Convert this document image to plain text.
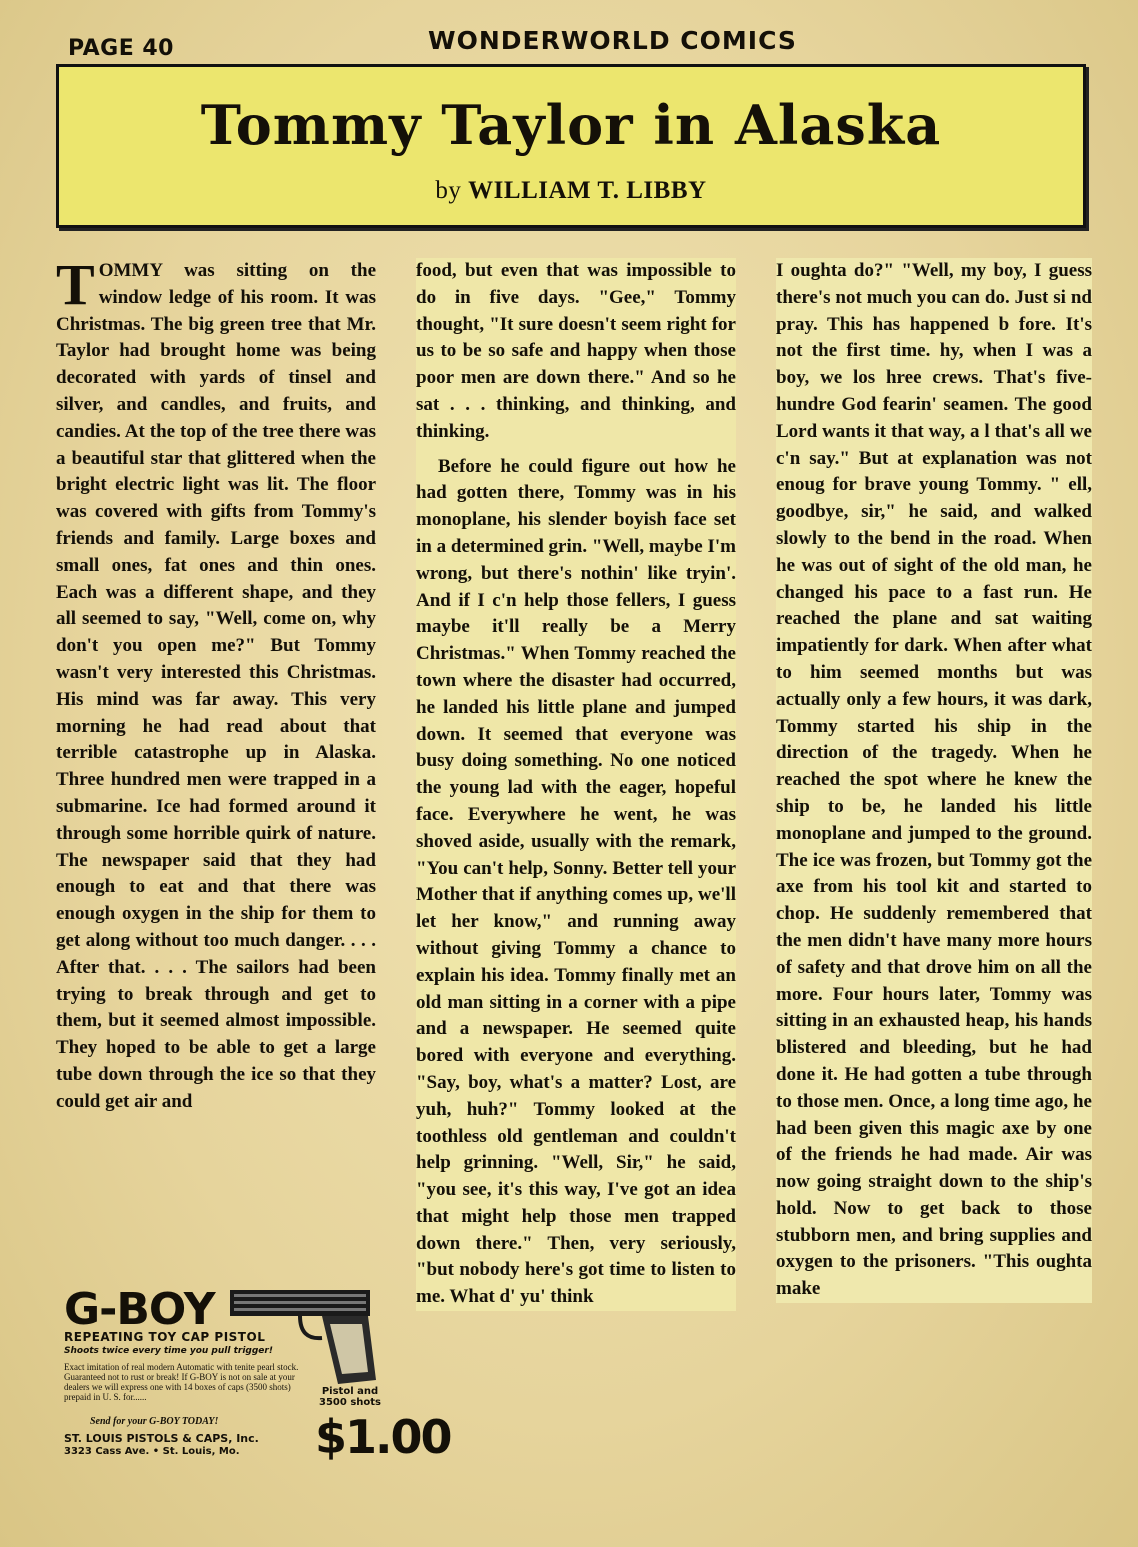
PAGE 40	WONDERWORLD COMICS
Tommy Taylor in Alaska
by WILLIAM T. LIBBY

TOMMY was sitting on the window ledge of his room. It was Christmas. The big green tree that Mr. Taylor had brought home was being decorated with yards of tinsel and silver, and candles, and fruits, and candies. At the top of the tree there was a beautiful star that glittered when the bright electric light was lit. The floor was covered with gifts from Tommy's friends and family. Large boxes and small ones, fat ones and thin ones. Each was a different shape, and they all seemed to say, "Well, come on, why don't you open me?" But Tommy wasn't very interested this Christmas. His mind was far away. This very morning he had read about that terrible catastrophe up in Alaska. Three hundred men were trapped in a submarine. Ice had formed around it through some horrible quirk of nature. The newspaper said that they had enough to eat and that there was enough oxygen in the ship for them to get along without too much danger. . . . After that. . . . The sailors had been trying to break through and get to them, but it seemed almost impossible. They hoped to be able to get a large tube down through the ice so that they could get air and

food, but even that was impossible to do in five days. "Gee," Tommy thought, "It sure doesn't seem right for us to be so safe and happy when those poor men are down there." And so he sat . . . thinking, and thinking, and thinking.

Before he could figure out how he had gotten there, Tommy was in his monoplane, his slender boyish face set in a determined grin. "Well, maybe I'm wrong, but there's nothin' like tryin'. And if I c'n help those fellers, I guess maybe it'll really be a Merry Christmas." When Tommy reached the town where the disaster had occurred, he landed his little plane and jumped down. It seemed that everyone was busy doing something. No one noticed the young lad with the eager, hopeful face. Everywhere he went, he was shoved aside, usually with the remark, "You can't help, Sonny. Better tell your Mother that if anything comes up, we'll let her know," and running away without giving Tommy a chance to explain his idea. Tommy finally met an old man sitting in a corner with a pipe and a newspaper. He seemed quite bored with everyone and everything. "Say, boy, what's a matter? Lost, are yuh, huh?" Tommy looked at the toothless old gentleman and couldn't help grinning. "Well, Sir," he said, "you see, it's this way, I've got an idea that might help those men trapped down there." Then, very seriously, "but nobody here's got time to listen to me. What d' yu' think

I oughta do?" "Well, my boy, I guess there's not much you can do. Just si nd pray. This has happened b fore. It's not the first time. hy, when I was a boy, we los hree crews. That's five-hundre God fearin' seamen. The good Lord wants it that way, a l that's all we c'n say." But at explanation was not enoug for brave young Tommy. " ell, goodbye, sir," he said, and walked slowly to the bend in the road. When he was out of sight of the old man, he changed his pace to a fast run. He reached the plane and sat waiting impatiently for dark. When after what to him seemed months but was actually only a few hours, it was dark, Tommy started his ship in the direction of the tragedy. When he reached the spot where he knew the ship to be, he landed his little monoplane and jumped to the ground. The ice was frozen, but Tommy got the axe from his tool kit and started to chop. He suddenly remembered that the men didn't have many more hours of safety and that drove him on all the more. Four hours later, Tommy was sitting in an exhausted heap, his hands blistered and bleeding, but he had done it. He had gotten a tube through to those men. Once, a long time ago, he had been given this magic axe by one of the friends he had made. Air was now going straight down to the ship's hold. Now to get back to those stubborn men, and bring supplies and oxygen to the prisoners. "This oughta make

G-BOY
REPEATING TOY CAP PISTOL
Shoots twice every time you pull trigger!
Exact imitation of real modern Automatic with tenite pearl stock. Guaranteed not to rust or break! If G-BOY is not on sale at your dealers we will express one with 14 boxes of caps (3500 shots) prepaid in U. S. for......	Pistol and 3500 shots
Send for your G-BOY TODAY! $1.00
ST. LOUIS PISTOLS & CAPS, Inc.
3323 Cass Ave. • St. Louis, Mo.
